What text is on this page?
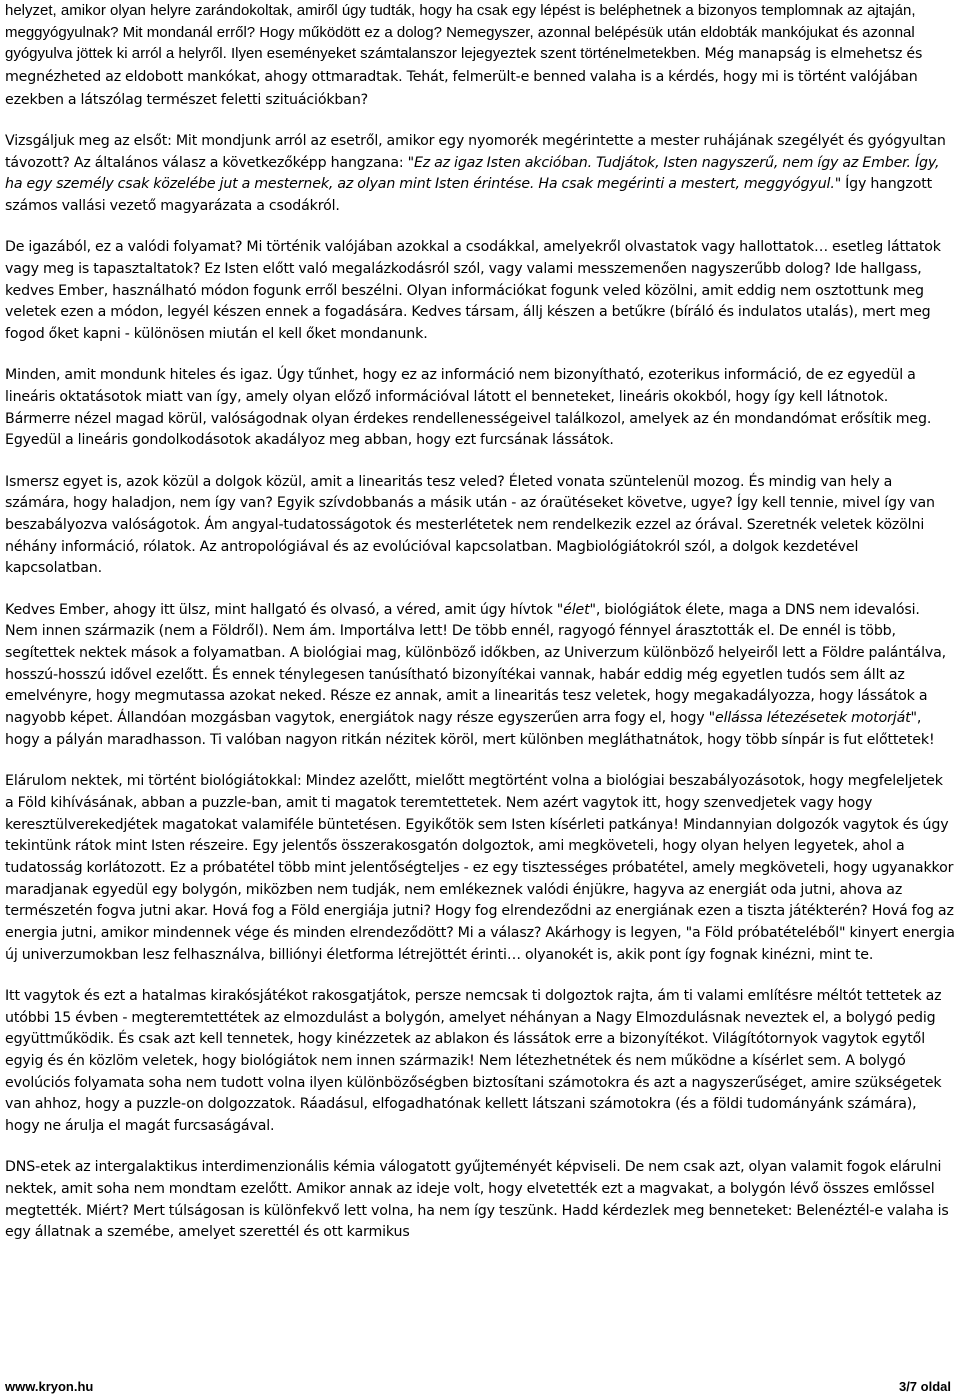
helyzet, amikor olyan helyre zarándokoltak, amiről úgy tudták, hogy ha csak egy lépést is beléphetnek a bizonyos templomnak az ajtaján, meggyógyulnak? Mit mondanál erről? Hogy működött ez a dolog? Nemegyszer, azonnal belépésük után eldobták mankójukat és azonnal gyógyulva jöttek ki arról a helyről. Ilyen eseményeket számtalanszor lejegyeztek szent történelmetekben. Még manapság is elmehetsz és megnézheted az eldobott mankókat, ahogy ottmaradtak. Tehát, felmerült-e benned valaha is a kérdés, hogy mi is történt valójában ezekben a látszólag természet feletti szituációkban?

Vizsgáljuk meg az elsőt: Mit mondjunk arról az esetről, amikor egy nyomorék megérintette a mester ruhájának szegélyét és gyógyultan távozott? Az általános válasz a következőképp hangzana: "Ez az igaz Isten akcióban. Tudjátok, Isten nagyszerű, nem így az Ember. Így, ha egy személy csak közelébe jut a mesternek, az olyan mint Isten érintése. Ha csak megérinti a mestert, meggyógyul." Így hangzott számos vallási vezető magyarázata a csodákról.

De igazából, ez a valódi folyamat? Mi történik valójában azokkal a csodákkal, amelyekről olvastatok vagy hallottatok… esetleg láttatok vagy meg is tapasztaltatok? Ez Isten előtt való megalázkodásról szól, vagy valami messzemenően nagyszerűbb dolog? Ide hallgass, kedves Ember, használható módon fogunk erről beszélni. Olyan információkat fogunk veled közölni, amit eddig nem osztottunk meg veletek ezen a módon, legyél készen ennek a fogadására. Kedves társam, állj készen a betűkre (bíráló és indulatos utalás), mert meg fogod őket kapni - különösen miután el kell őket mondanunk.

Minden, amit mondunk hiteles és igaz. Úgy tűnhet, hogy ez az információ nem bizonyítható, ezoterikus információ, de ez egyedül a lineáris oktatásotok miatt van így, amely olyan előző információval látott el benneteket, lineáris okokból, hogy így kell látnotok. Bármerre nézel magad körül, valóságodnak olyan érdekes rendellenességeivel találkozol, amelyek az én mondandómat erősítik meg. Egyedül a lineáris gondolkodásotok akadályoz meg abban, hogy ezt furcsának lássátok.

Ismersz egyet is, azok közül a dolgok közül, amit a linearitás tesz veled? Életed vonata szüntelenül mozog. És mindig van hely a számára, hogy haladjon, nem így van? Egyik szívdobbanás a másik után - az óraütéseket követve, ugye? Így kell tennie, mivel így van beszabályozva valóságotok. Ám angyal-tudatosságotok és mesterlétetek nem rendelkezik ezzel az órával. Szeretnék veletek közölni néhány információ, rólatok. Az antropológiával és az evolúcióval kapcsolatban. Magbiológiátokról szól, a dolgok kezdetével kapcsolatban.

Kedves Ember, ahogy itt ülsz, mint hallgató és olvasó, a véred, amit úgy hívtok "élet", biológiátok élete, maga a DNS nem idevalósi. Nem innen származik (nem a Földről). Nem ám. Importálva lett! De több ennél, ragyogó fénnyel árasztották el. De ennél is több, segítettek nektek mások a folyamatban. A biológiai mag, különböző időkben, az Univerzum különböző helyeiről lett a Földre palántálva, hosszú-hosszú idővel ezelőtt. És ennek ténylegesen tanúsítható bizonyítékai vannak, habár eddig még egyetlen tudós sem állt az emelvényre, hogy megmutassa azokat neked. Része ez annak, amit a linearitás tesz veletek, hogy megakadályozza, hogy lássátok a nagyobb képet. Állandóan mozgásban vagytok, energiátok nagy része egyszerűen arra fogy el, hogy "ellássa létezésetek motorját", hogy a pályán maradhasson. Ti valóban nagyon ritkán nézitek köröl, mert különben megláthatnátok, hogy több sínpár is fut előttetek!

Elárulom nektek, mi történt biológiátokkal: Mindez azelőtt, mielőtt megtörtént volna a biológiai beszabályozásotok, hogy megfeleljetek a Föld kihívásának, abban a puzzle-ban, amit ti magatok teremtettetek. Nem azért vagytok itt, hogy szenvedjetek vagy hogy keresztülverekedjétek magatokat valamiféle büntetésen. Egyikőtök sem Isten kísérleti patkánya! Mindannyian dolgozók vagytok és úgy tekintünk rátok mint Isten részeire. Egy jelentős összerakosgatón dolgoztok, ami megköveteli, hogy olyan helyen legyetek, ahol a tudatosság korlátozott. Ez a próbatétel több mint jelentőségteljes - ez egy tisztességes próbatétel, amely megköveteli, hogy ugyanakkor maradjanak egyedül egy bolygón, miközben nem tudják, nem emlékeznek valódi énjükre, hagyva az energiát oda jutni, ahova az természetén fogva jutni akar. Hová fog a Föld energiája jutni? Hogy fog elrendeződni az energiának ezen a tiszta játékterén? Hová fog az energia jutni, amikor mindennek vége és minden elrendeződött? Mi a válasz? Akárhogy is legyen, "a Föld próbatételéből" kinyert energia új univerzumokban lesz felhasználva, billiónyi életforma létrejöttét érinti… olyanokét is, akik pont így fognak kinézni, mint te.

Itt vagytok és ezt a hatalmas kirakósjátékot rakosgatjátok, persze nemcsak ti dolgoztok rajta, ám ti valami említésre méltót tettetek az utóbbi 15 évben - megteremtettétek az elmozdulást a bolygón, amelyet néhányan a Nagy Elmozdulásnak neveztek el, a bolygó pedig együttműködik. És csak azt kell tennetek, hogy kinézzetek az ablakon és lássátok erre a bizonyítékot. Világítótornyok vagytok egytől egyig és én közlöm veletek, hogy biológiátok nem innen származik! Nem létezhetnétek és nem működne a kísérlet sem. A bolygó evolúciós folyamata soha nem tudott volna ilyen különbözőségben biztosítani számotokra és azt a nagyszerűséget, amire szükségetek van ahhoz, hogy a puzzle-on dolgozzatok. Ráadásul, elfogadhatónak kellett látszani számotokra (és a földi tudományánk számára), hogy ne árulja el magát furcsaságával.

DNS-etek az intergalaktikus interdimenzionális kémia válogatott gyűjteményét képviseli. De nem csak azt, olyan valamit fogok elárulni nektek, amit soha nem mondtam ezelőtt. Amikor annak az ideje volt, hogy elvetették ezt a magvakat, a bolygón lévő összes emlőssel megtették. Miért? Mert túlságosan is különfekvő lett volna, ha nem így teszünk. Hadd kérdezlek meg benneteket: Belenéztél-e valaha is egy állatnak a szemébe, amelyet szerettél és ott karmikus

www.kryon.hu	3/7 oldal
